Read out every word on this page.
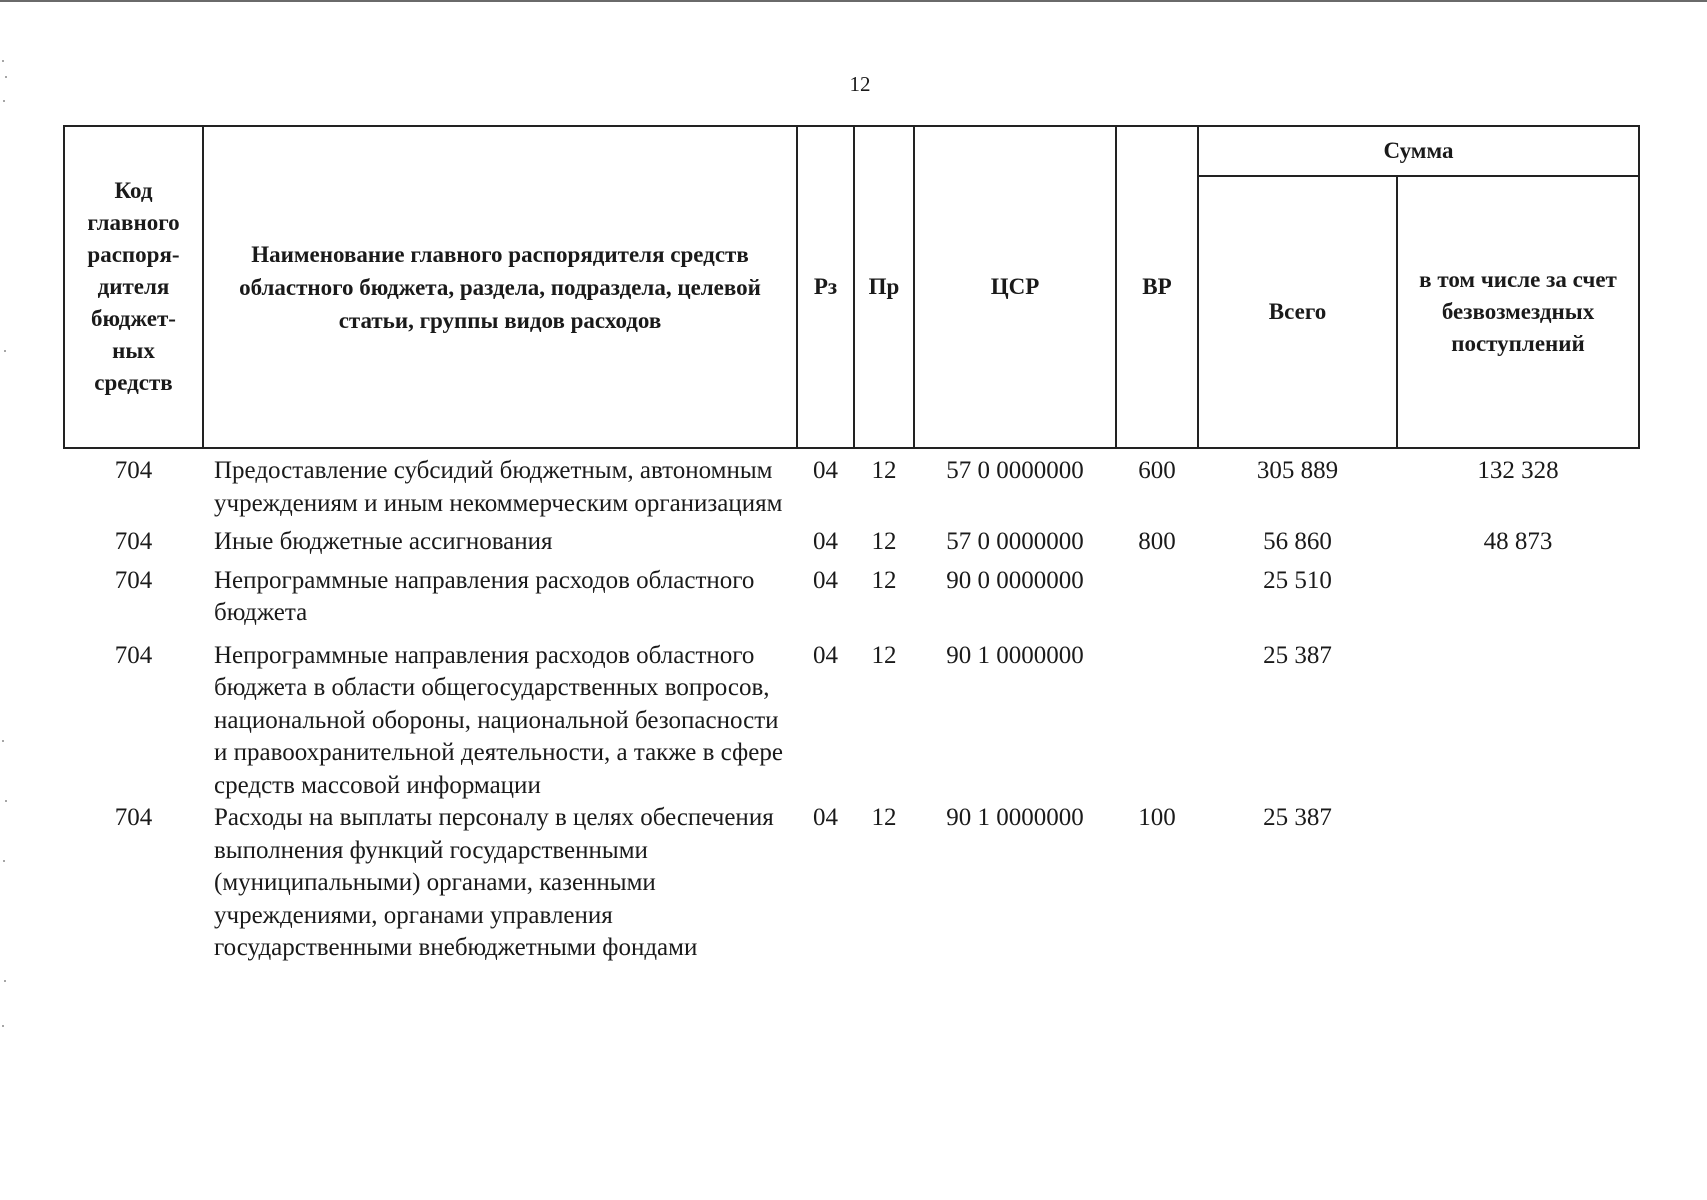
12
Код главного распоря-дителя бюджет-ных средств	Наименование главного распорядителя средств областного бюджета, раздела, подраздела, целевой статьи, группы видов расходов	Рз	Пр	ЦСР	ВР	Сумма	
						Всего	в том числе за счет безвозмездных поступлений
704	Предоставление субсидий бюджетным, автономным учреждениям и иным некоммерческим организациям	04	12	57 0 0000000	600	305 889	132 328
704	Иные бюджетные ассигнования	04	12	57 0 0000000	800	56 860	48 873
704	Непрограммные направления расходов областного бюджета	04	12	90 0 0000000		25 510	
704	Непрограммные направления расходов областного бюджета в области общегосударственных вопросов, национальной обороны, национальной безопасности и правоохранительной деятельности, а также в сфере средств массовой информации	04	12	90 1 0000000		25 387	
704	Расходы на выплаты персоналу в целях обеспечения выполнения функций государственными (муниципальными) органами, казенными учреждениями, органами управления государственными внебюджетными фондами	04	12	90 1 0000000	100	25 387	
